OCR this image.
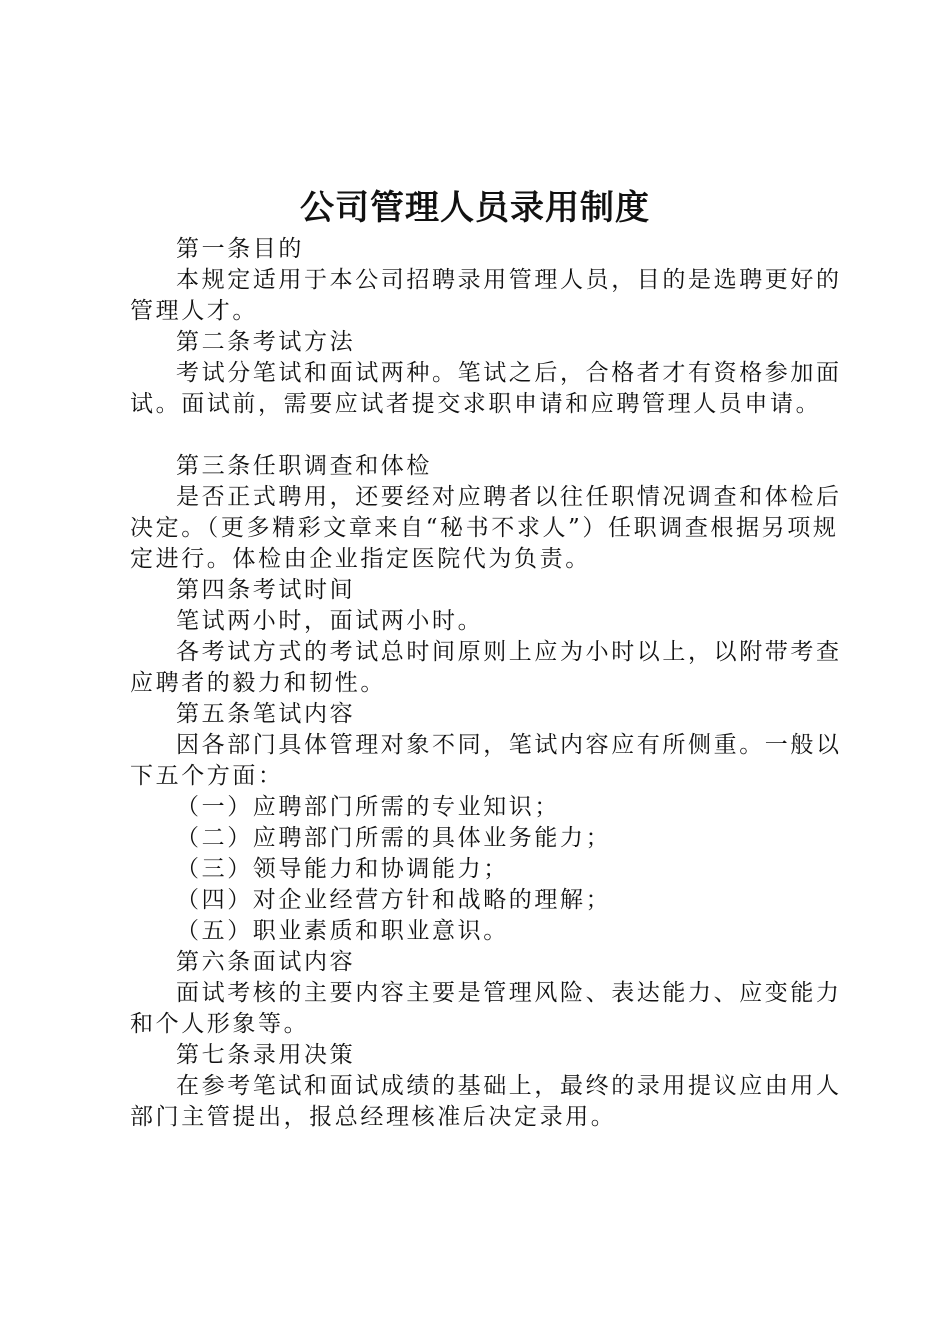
公司管理人员录用制度

第一条目的

本规定适用于本公司招聘录用管理人员，目的是选聘更好的管理人才。

第二条考试方法

考试分笔试和面试两种。笔试之后，合格者才有资格参加面试。面试前，需要应试者提交求职申请和应聘管理人员申请。

第三条任职调查和体检

是否正式聘用，还要经对应聘者以往任职情况调查和体检后决定。（更多精彩文章来自“秘书不求人”）任职调查根据另项规定进行。体检由企业指定医院代为负责。

第四条考试时间

笔试两小时，面试两小时。

各考试方式的考试总时间原则上应为小时以上，以附带考查应聘者的毅力和韧性。

第五条笔试内容

因各部门具体管理对象不同，笔试内容应有所侧重。一般以下五个方面：

（一）应聘部门所需的专业知识；

（二）应聘部门所需的具体业务能力；

（三）领导能力和协调能力；

（四）对企业经营方针和战略的理解；

（五）职业素质和职业意识。

第六条面试内容

面试考核的主要内容主要是管理风险、表达能力、应变能力和个人形象等。

第七条录用决策

在参考笔试和面试成绩的基础上，最终的录用提议应由用人部门主管提出，报总经理核准后决定录用。
